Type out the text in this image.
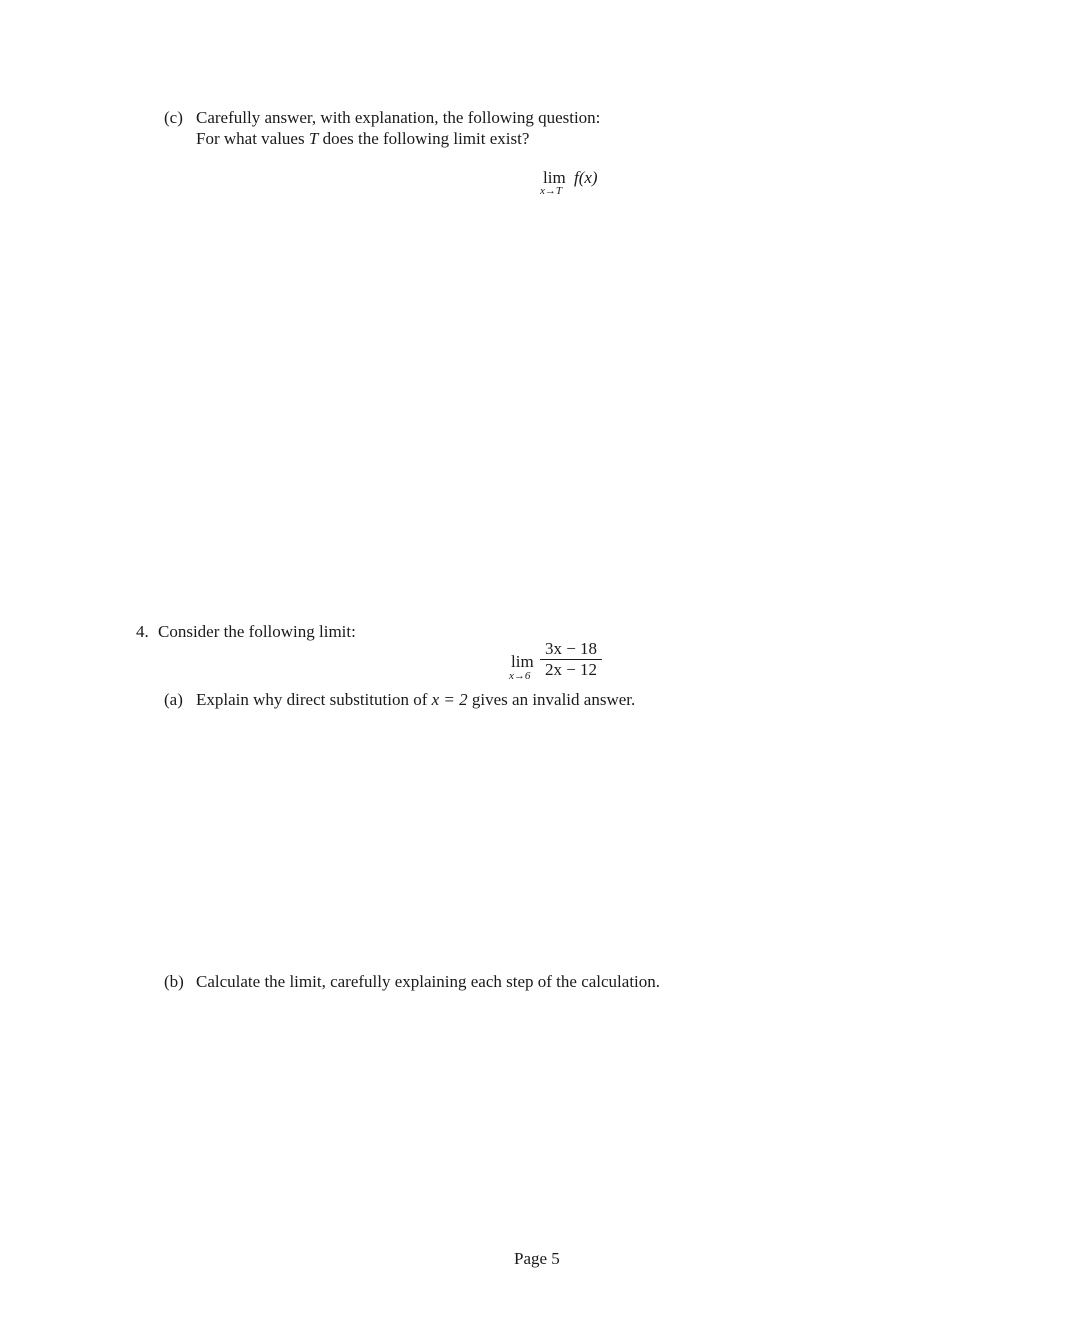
(c) Carefully answer, with explanation, the following question:
For what values T does the following limit exist?
lim
x→T
f(x)
4. Consider the following limit:
lim
x→6
3x − 18
2x − 12
(a) Explain why direct substitution of x = 2 gives an invalid answer.
(b) Calculate the limit, carefully explaining each step of the calculation.
Page 5
